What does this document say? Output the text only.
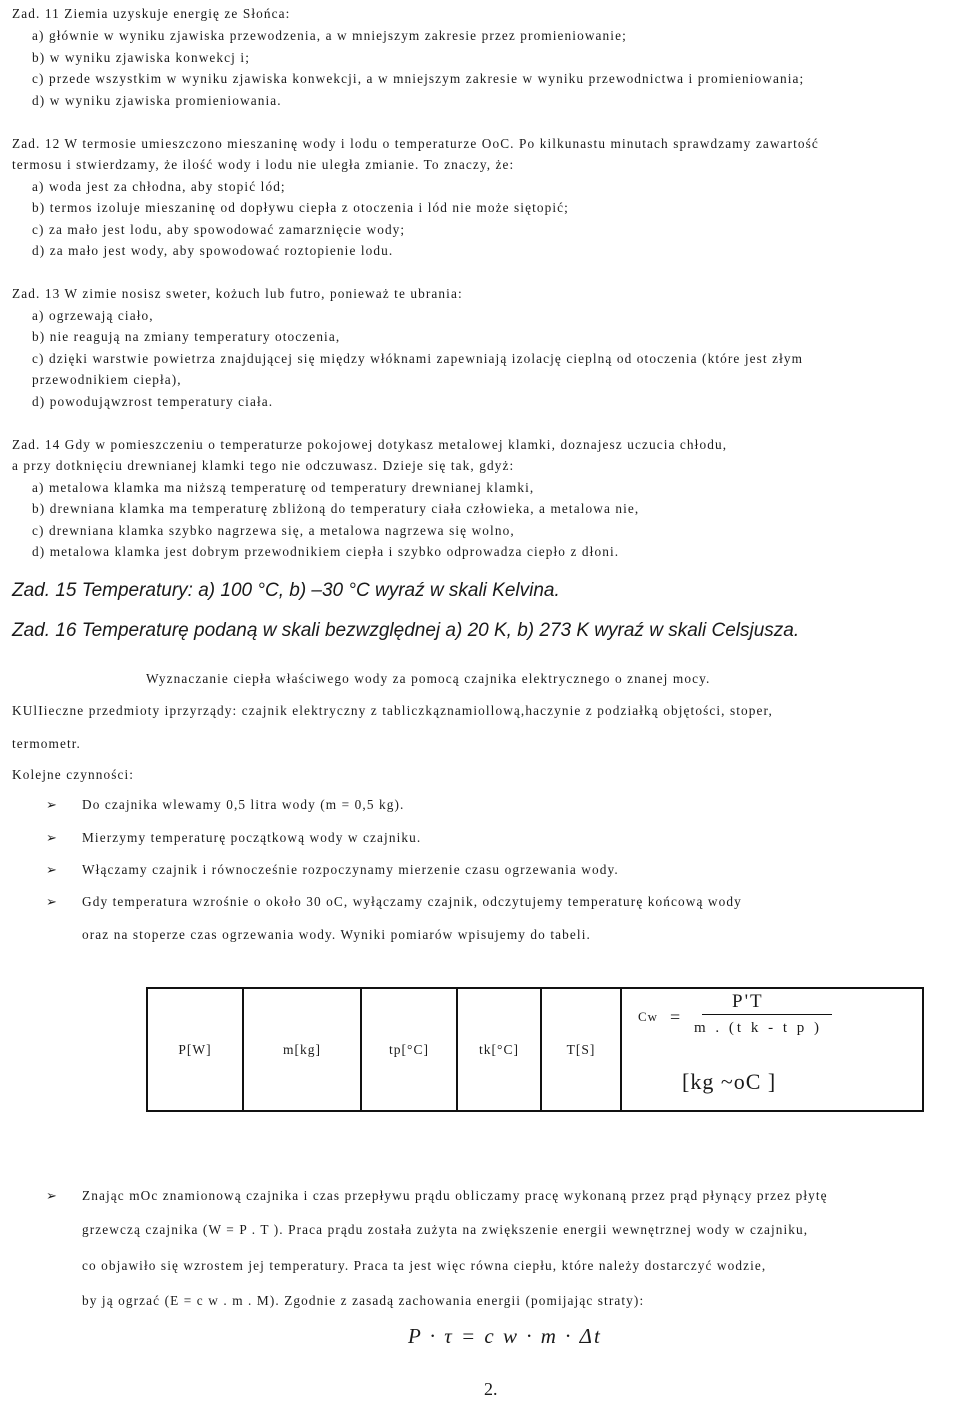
Zad. 11 Ziemia uzyskuje energię ze Słońca:
a) głównie w wyniku zjawiska przewodzenia, a w mniejszym zakresie przez promieniowanie;
b) w wyniku zjawiska konwekcj i;
c) przede wszystkim w wyniku zjawiska konwekcji, a w mniejszym zakresie w wyniku przewodnictwa i promieniowania;
d) w wyniku zjawiska promieniowania.
Zad. 12 W termosie umieszczono mieszaninę wody i lodu o temperaturze OoC. Po kilkunastu minutach sprawdzamy zawartość
termosu i stwierdzamy, że ilość wody i lodu nie uległa zmianie. To znaczy, że:
a) woda jest za chłodna, aby stopić lód;
b) termos izoluje mieszaninę od dopływu ciepła z otoczenia i lód nie może siętopić;
c) za mało jest lodu, aby spowodować zamarznięcie wody;
d) za mało jest wody, aby spowodować roztopienie lodu.
Zad. 13 W zimie nosisz sweter, kożuch lub futro, ponieważ te ubrania:
a) ogrzewają ciało,
b) nie reagują na zmiany temperatury otoczenia,
c) dzięki warstwie powietrza znajdującej się między włóknami zapewniają izolację cieplną od otoczenia (które jest złym
przewodnikiem ciepła),
d) powodująwzrost temperatury ciała.
Zad. 14 Gdy w pomieszczeniu o temperaturze pokojowej dotykasz metalowej klamki, doznajesz uczucia chłodu,
a przy dotknięciu drewnianej klamki tego nie odczuwasz. Dzieje się tak, gdyż:
a) metalowa klamka ma niższą temperaturę od temperatury drewnianej klamki,
b) drewniana klamka ma temperaturę zbliżoną do temperatury ciała człowieka, a metalowa nie,
c) drewniana klamka szybko nagrzewa się, a metalowa nagrzewa się wolno,
d) metalowa klamka jest dobrym przewodnikiem ciepła i szybko odprowadza ciepło z dłoni.
Zad. 15 Temperatury: a) 100 °C, b) –30 °C wyraź w skali Kelvina.
Zad. 16 Temperaturę podaną w skali bezwzględnej a) 20 K, b) 273 K wyraź w skali Celsjusza.
Wyznaczanie ciepła właściwego wody za pomocą czajnika elektrycznego o znanej mocy.
KUlIieczne przedmioty iprzyrządy: czajnik elektryczny z tabliczkąznamiollową,haczynie z podziałką objętości, stoper,
termometr.
Kolejne czynności:
➢ Do czajnika wlewamy 0,5 litra wody (m = 0,5 kg).
➢ Mierzymy temperaturę początkową wody w czajniku.
➢ Włączamy czajnik i równocześnie rozpoczynamy mierzenie czasu ogrzewania wody.
➢ Gdy temperatura wzrośnie o około 30 oC, wyłączamy czajnik, odczytujemy temperaturę końcową wody
oraz na stoperze czas ogrzewania wody. Wyniki pomiarów wpisujemy do tabeli.
P[W]	m[kg]	tp[°C]	tk[°C]	T[S]	
Cw =
P'T
m . (t k - t p )
[kg ~oC ]
➢ Znając mOc znamionową czajnika i czas przepływu prądu obliczamy pracę wykonaną przez prąd płynący przez płytę
grzewczą czajnika (W = P . T ). Praca prądu została zużyta na zwiększenie energii wewnętrznej wody w czajniku,
co objawiło się wzrostem jej temperatury. Praca ta jest więc równa ciepłu, które należy dostarczyć wodzie,
by ją ogrzać (E = c w . m . M). Zgodnie z zasadą zachowania energii (pomijając straty):
P · τ = c w · m · Δt
2.
